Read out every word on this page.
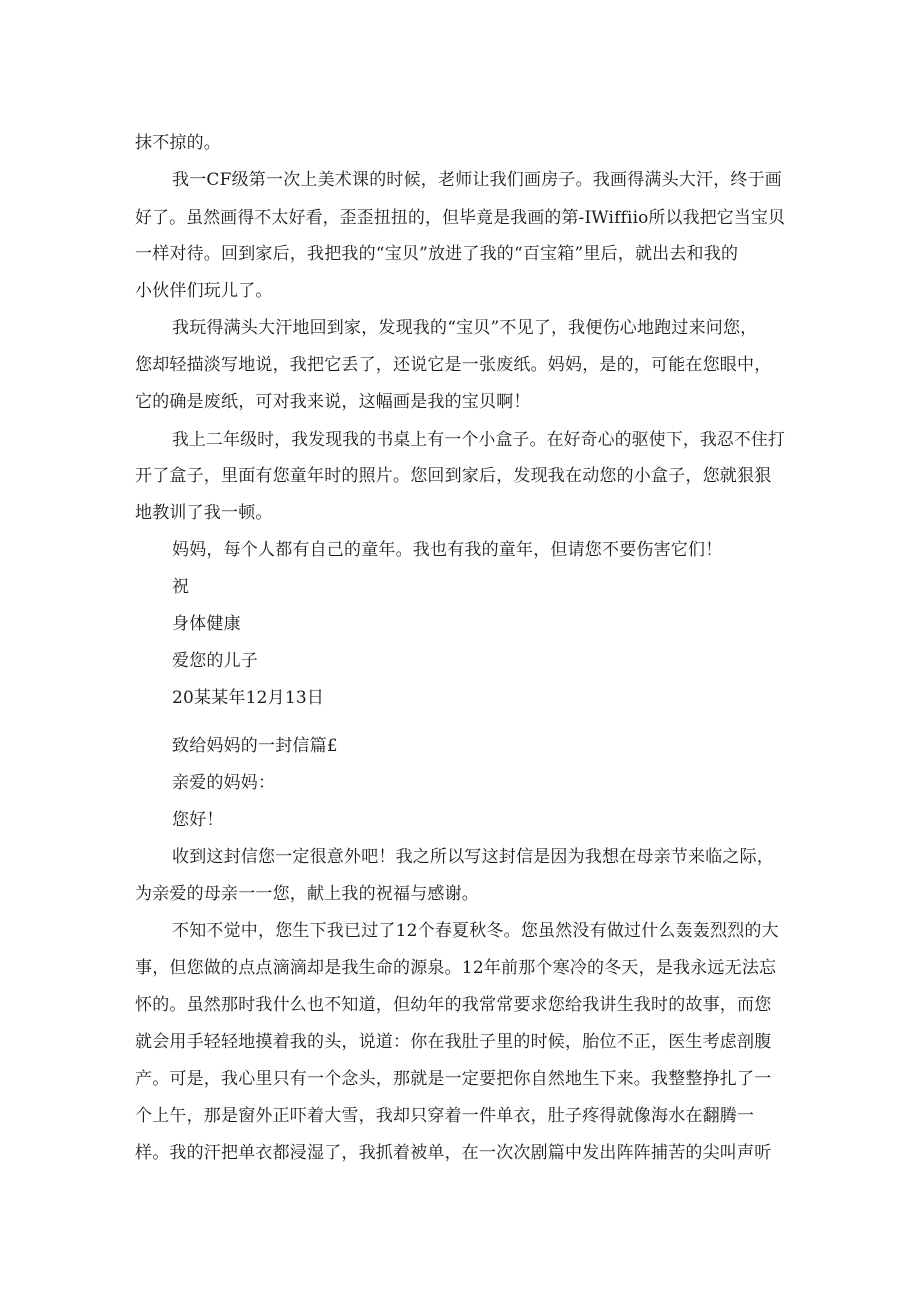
抹不掠的。
我一CF级第一次上美术课的时候，老师让我们画房子。我画得满头大汗，终于画
好了。虽然画得不太好看，歪歪扭扭的，但毕竟是我画的第-IWiffiio所以我把它当宝贝
一样对待。回到家后，我把我的“宝贝”放进了我的“百宝箱”里后，就出去和我的
小伙伴们玩儿了。
我玩得满头大汗地回到家，发现我的“宝贝”不见了，我便伤心地跑过来问您，
您却轻描淡写地说，我把它丢了，还说它是一张废纸。妈妈，是的，可能在您眼中，
它的确是废纸，可对我来说，这幅画是我的宝贝啊！
我上二年级时，我发现我的书桌上有一个小盒子。在好奇心的驱使下，我忍不住打
开了盒子，里面有您童年时的照片。您回到家后，发现我在动您的小盒子，您就狠狠
地教训了我一顿。
妈妈，每个人都有自己的童年。我也有我的童年，但请您不要伤害它们！
祝
身体健康
爱您的儿子
20某某年12月13日
致给妈妈的一封信篇£
亲爱的妈妈：
您好！
收到这封信您一定很意外吧！我之所以写这封信是因为我想在母亲节来临之际，
为亲爱的母亲一一您，献上我的祝福与感谢。
不知不觉中，您生下我已过了12个春夏秋冬。您虽然没有做过什么轰轰烈烈的大
事，但您做的点点滴滴却是我生命的源泉。12年前那个寒冷的冬天，是我永远无法忘
怀的。虽然那时我什么也不知道，但幼年的我常常要求您给我讲生我时的故事，而您
就会用手轻轻地摸着我的头，说道：你在我肚子里的时候，胎位不正，医生考虑剖腹
产。可是，我心里只有一个念头，那就是一定要把你自然地生下来。我整整挣扎了一
个上午，那是窗外正吓着大雪，我却只穿着一件单衣，肚子疼得就像海水在翻腾一
样。我的汗把单衣都浸湿了，我抓着被单，在一次次剧篇中发出阵阵捕苦的尖叫声听
